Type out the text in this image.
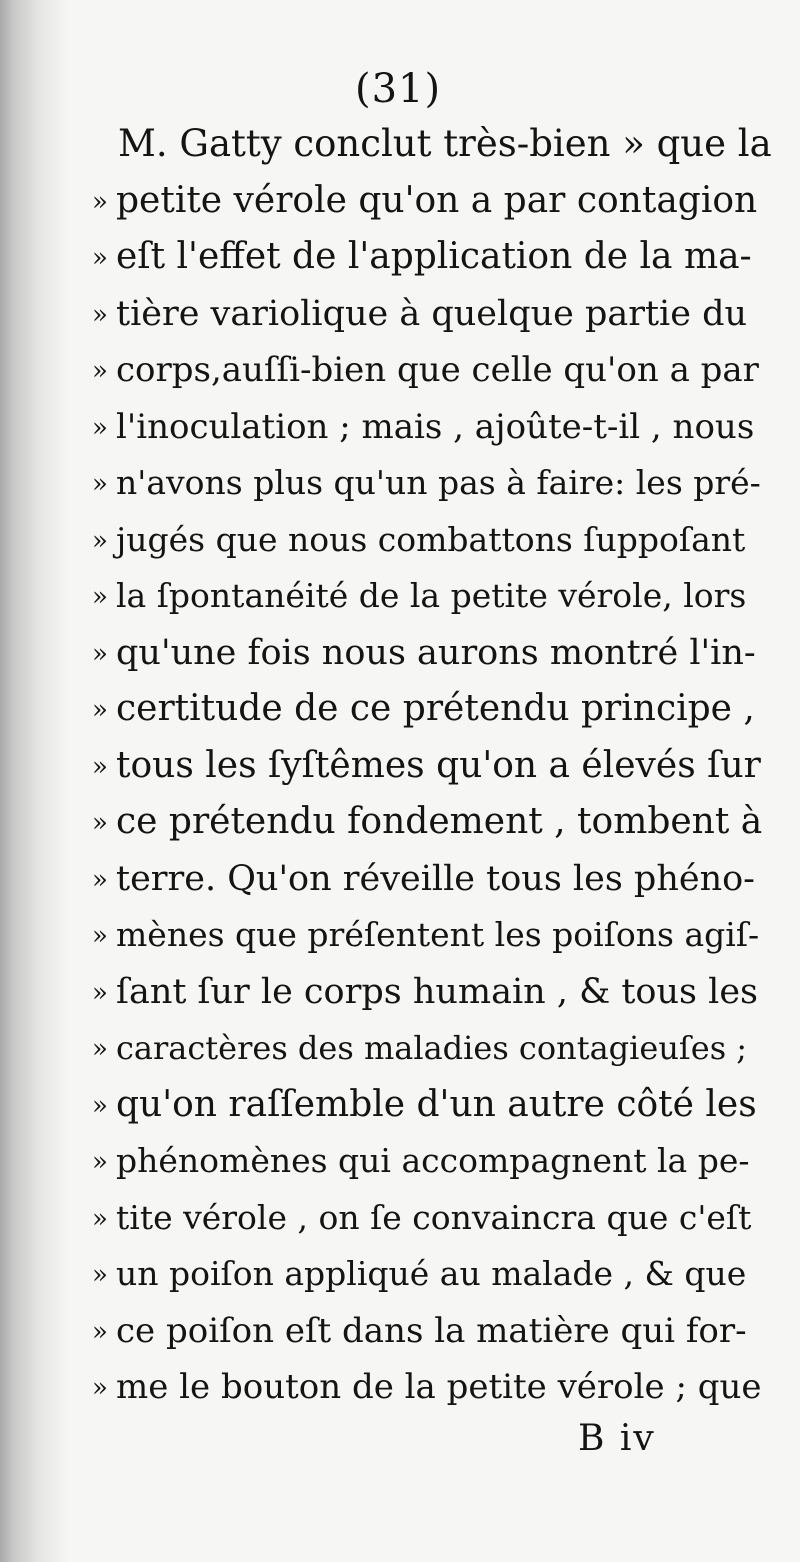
(31)
M. Gatty conclut très-bien » que la
» petite vérole qu'on a par contagion
» eſt l'effet de l'application de la ma-
» tière variolique à quelque partie du
» corps,auſſi-bien que celle qu'on a par
» l'inoculation ; mais , ajoûte-t-il , nous
» n'avons plus qu'un pas à faire: les pré-
» jugés que nous combattons ſuppoſant
» la ſpontanéité de la petite vérole, lors
» qu'une fois nous aurons montré l'in-
» certitude de ce prétendu principe ,
» tous les ſyſtêmes qu'on a élevés ſur
» ce prétendu fondement , tombent à
» terre. Qu'on réveille tous les phéno-
» mènes que préſentent les poiſons agiſ-
» ſant ſur le corps humain , & tous les
» caractères des maladies contagieuſes ;
» qu'on raſſemble d'un autre côté les
» phénomènes qui accompagnent la pe-
» tite vérole , on ſe convaincra que c'eſt
» un poiſon appliqué au malade , & que
» ce poiſon eſt dans la matière qui for-
» me le bouton de la petite vérole ; que
B iv
